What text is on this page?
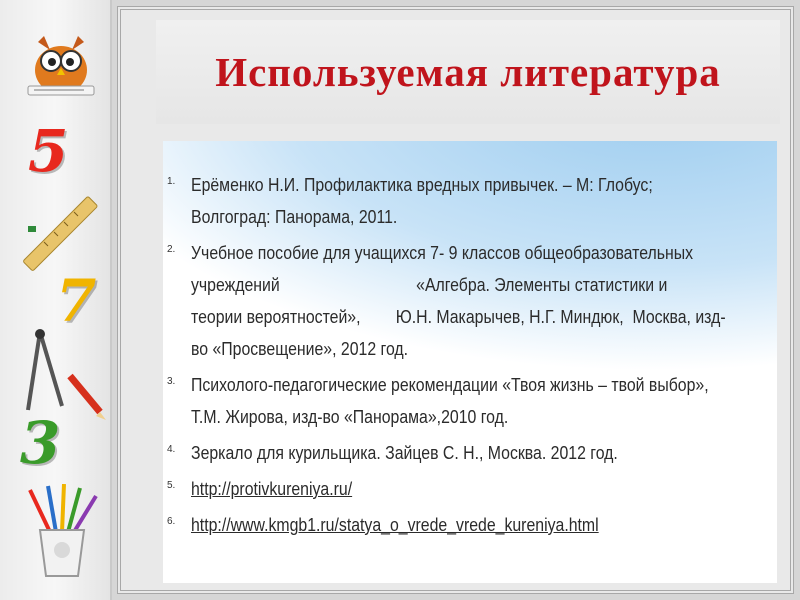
5
7
3
Используемая литература
1. Ерёменко Н.И. Профилактика вредных привычек. – М: Глобус;
Волгоград: Панорама, 2011.
2. Учебное пособие для учащихся 7- 9 классов общеобразовательных
учреждений                               «Алгебра. Элементы статистики и
теории вероятностей»,        Ю.Н. Макарычев, Н.Г. Миндюк,  Москва, изд-
во «Просвещение», 2012 год.
3. Психолого-педагогические рекомендации «Твоя жизнь – твой выбор»,
Т.М. Жирова, изд-во «Панорама»,2010 год.
4. Зеркало для курильщика. Зайцев С. Н., Москва. 2012 год.
5. http://protivkureniya.ru/
6. http://www.kmgb1.ru/statya_o_vrede_vrede_kureniya.html
